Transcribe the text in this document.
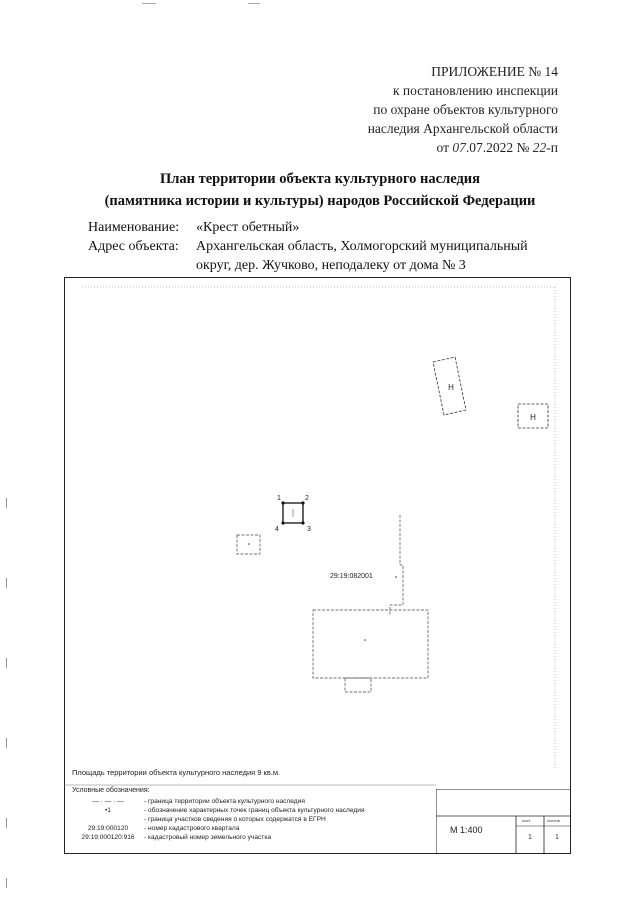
ПРИЛОЖЕНИЕ № 14
к постановлению инспекции
по охране объектов культурного
наследия Архангельской области
от 07.07.2022 № 22-п
План территории объекта культурного наследия
(памятника истории и культуры) народов Российской Федерации
Наименование: «Крест обетный»
Адрес объекта: Архангельская область, Холмогорский муниципальный
округ, дер. Жучково, неподалеку от дома № 3
Н
Н
1	2
3
4
29:19:082001
Площадь территории объекта культурного наследия 9 кв.м.
Условные обозначения:
— · — · —	- граница территории объекта культурного наследия
•1	- обозначение характерных точек границ объекта культурного наследия
- граница участков сведения о которых содержатся в ЕГРН
29:19:000120 - номер кадастрового квартала
29:19:000120:916 - кадастровый номер земельного участка
М 1:400
лист	листов
1	1
